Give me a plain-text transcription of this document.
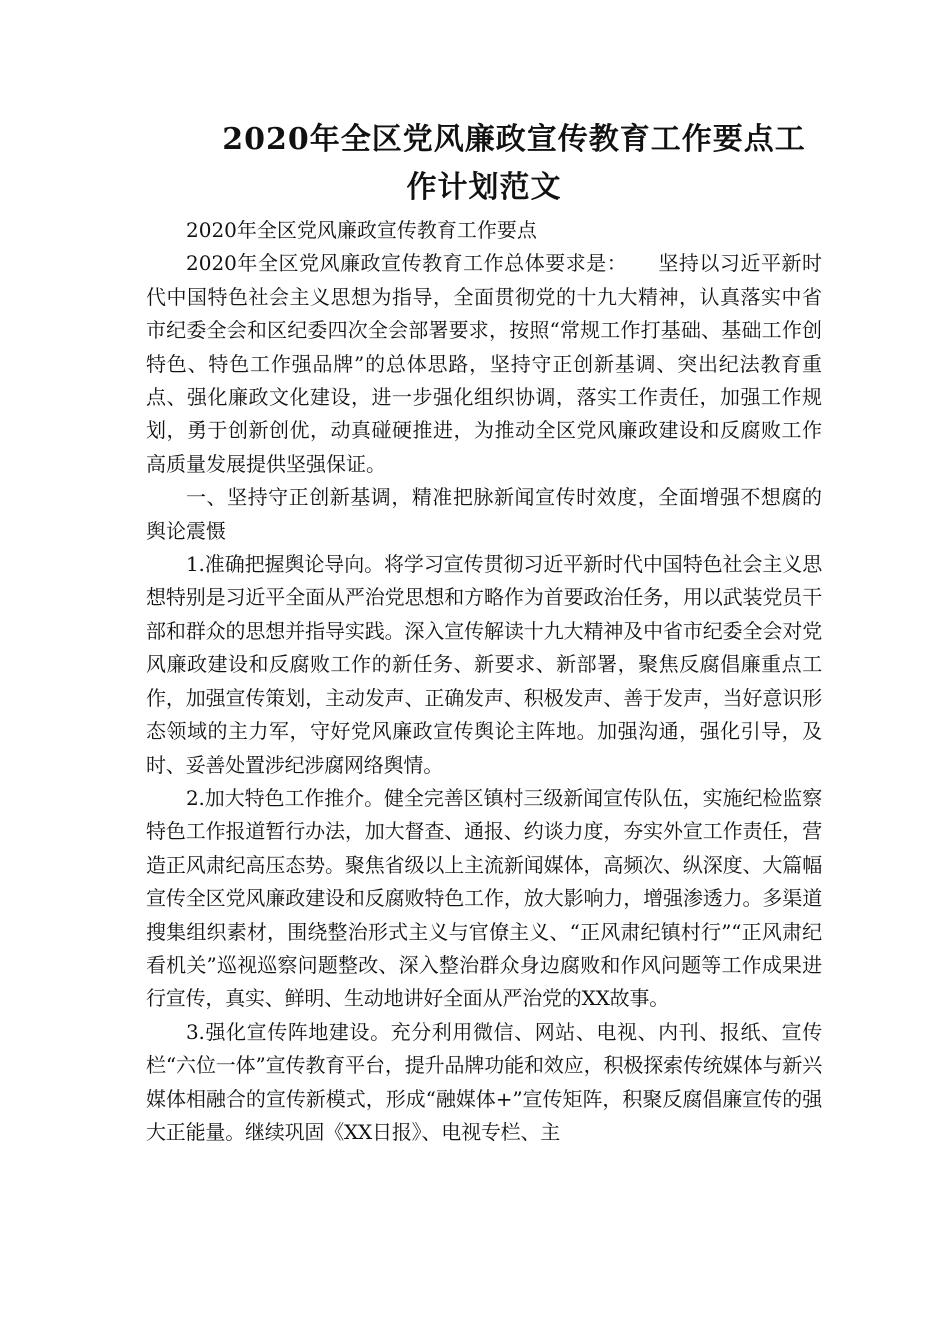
2020年全区党风廉政宣传教育工作要点工
作计划范文

2020年全区党风廉政宣传教育工作要点

2020年全区党风廉政宣传教育工作总体要求是：　　坚持以习近平新时代中国特色社会主义思想为指导，全面贯彻党的十九大精神，认真落实中省市纪委全会和区纪委四次全会部署要求，按照“常规工作打基础、基础工作创特色、特色工作强品牌”的总体思路，坚持守正创新基调、突出纪法教育重点、强化廉政文化建设，进一步强化组织协调，落实工作责任，加强工作规划，勇于创新创优，动真碰硬推进，为推动全区党风廉政建设和反腐败工作高质量发展提供坚强保证。

一、坚持守正创新基调，精准把脉新闻宣传时效度，全面增强不想腐的舆论震慑

1.准确把握舆论导向。将学习宣传贯彻习近平新时代中国特色社会主义思想特别是习近平全面从严治党思想和方略作为首要政治任务，用以武装党员干部和群众的思想并指导实践。深入宣传解读十九大精神及中省市纪委全会对党风廉政建设和反腐败工作的新任务、新要求、新部署，聚焦反腐倡廉重点工作，加强宣传策划，主动发声、正确发声、积极发声、善于发声，当好意识形态领域的主力军，守好党风廉政宣传舆论主阵地。加强沟通，强化引导，及时、妥善处置涉纪涉腐网络舆情。

2.加大特色工作推介。健全完善区镇村三级新闻宣传队伍，实施纪检监察特色工作报道暂行办法，加大督查、通报、约谈力度，夯实外宣工作责任，营造正风肃纪高压态势。聚焦省级以上主流新闻媒体，高频次、纵深度、大篇幅宣传全区党风廉政建设和反腐败特色工作，放大影响力，增强渗透力。多渠道搜集组织素材，围绕整治形式主义与官僚主义、“正风肃纪镇村行”“正风肃纪看机关”巡视巡察问题整改、深入整治群众身边腐败和作风问题等工作成果进行宣传，真实、鲜明、生动地讲好全面从严治党的XX故事。

3.强化宣传阵地建设。充分利用微信、网站、电视、内刊、报纸、宣传栏“六位一体”宣传教育平台，提升品牌功能和效应，积极探索传统媒体与新兴媒体相融合的宣传新模式，形成“融媒体+”宣传矩阵，积聚反腐倡廉宣传的强大正能量。继续巩固《XX日报》、电视专栏、主
